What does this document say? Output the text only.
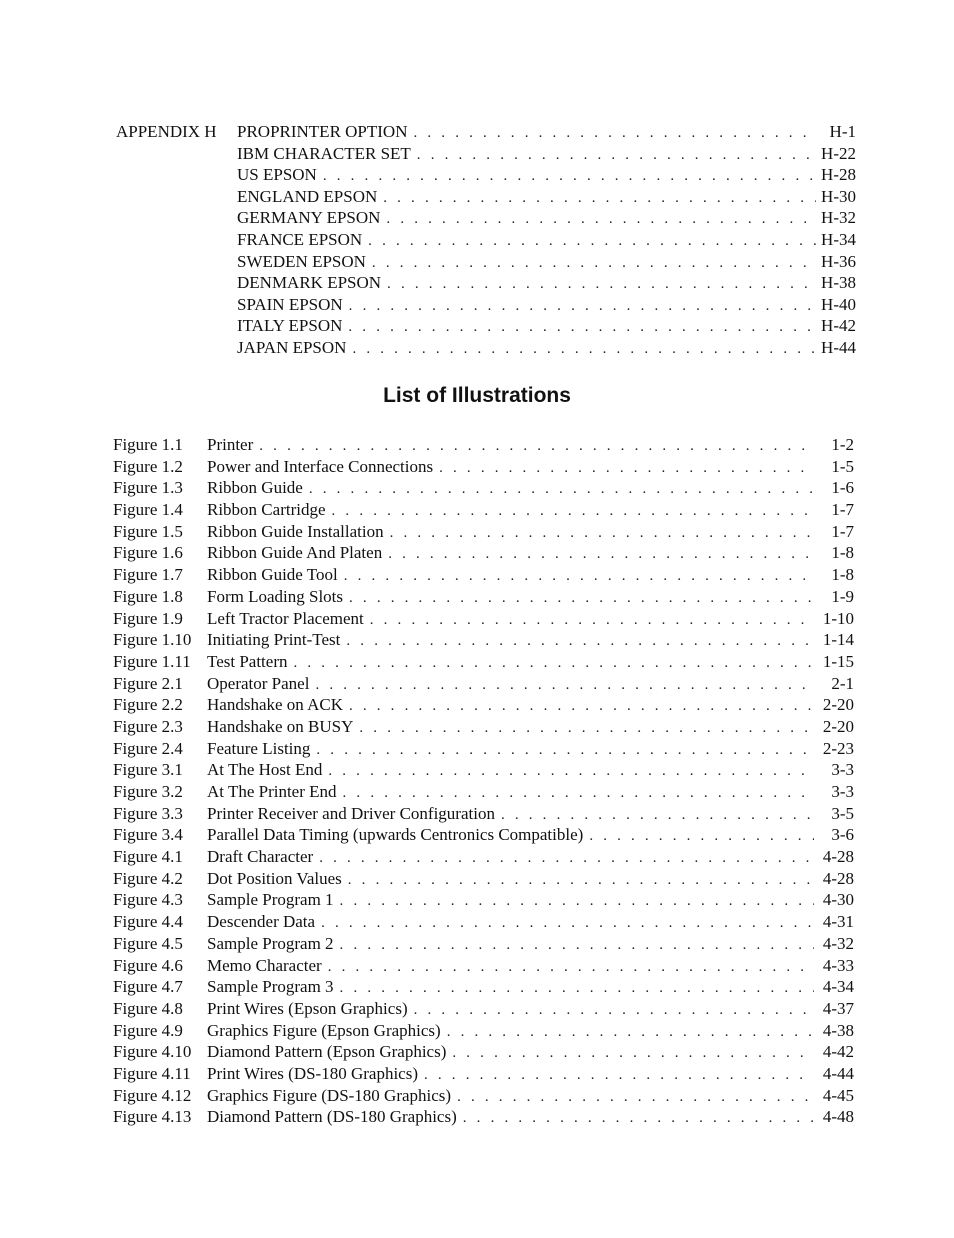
APPENDIX H PROPRINTER OPTION . . .	H-1
IBM CHARACTER SET . . .	H-22
US EPSON . . .	H-28
ENGLAND EPSON . . .	H-30
GERMANY EPSON . . .	H-32
FRANCE EPSON . . .	H-34
SWEDEN EPSON . . .	H-36
DENMARK EPSON . . .	H-38
SPAIN EPSON . . .	H-40
ITALY EPSON . . .	H-42
JAPAN EPSON . . .	H-44
List of Illustrations
Figure 1.1	Printer . . .	1-2
Figure 1.2	Power and Interface Connections . . .	1-5
Figure 1.3	Ribbon Guide . . .	1-6
Figure 1.4	Ribbon Cartridge . . .	1-7
Figure 1.5	Ribbon Guide Installation . . .	1-7
Figure 1.6	Ribbon Guide And Platen . . .	1-8
Figure 1.7	Ribbon Guide Tool . . .	1-8
Figure 1.8	Form Loading Slots . . .	1-9
Figure 1.9	Left Tractor Placement . . .	1-10
Figure 1.10 Initiating Print-Test . . .	1-14
Figure 1.11 Test Pattern . . .	1-15
Figure 2.1	Operator Panel . . .	2-1
Figure 2.2	Handshake on ACK . . .	2-20
Figure 2.3	Handshake on BUSY . . .	2-20
Figure 2.4	Feature Listing . . .	2-23
Figure 3.1	At The Host End . . .	3-3
Figure 3.2	At The Printer End . . .	3-3
Figure 3.3	Printer Receiver and Driver Configuration . . .	3-5
Figure 3.4	Parallel Data Timing (upwards Centronics Compatible) . . .	3-6
Figure 4.1	Draft Character . . .	4-28
Figure 4.2	Dot Position Values . . .	4-28
Figure 4.3	Sample Program 1 . . .	4-30
Figure 4.4	Descender Data . . .	4-31
Figure 4.5	Sample Program 2 . . .	4-32
Figure 4.6	Memo Character . . .	4-33
Figure 4.7	Sample Program 3 . . .	4-34
Figure 4.8	Print Wires (Epson Graphics) . . .	4-37
Figure 4.9	Graphics Figure (Epson Graphics) . . .	4-38
Figure 4.10 Diamond Pattern (Epson Graphics) . . .	4-42
Figure 4.11 Print Wires (DS-180 Graphics) . . .	4-44
Figure 4.12 Graphics Figure (DS-180 Graphics) . . .	4-45
Figure 4.13 Diamond Pattern (DS-180 Graphics) . . .	4-48
